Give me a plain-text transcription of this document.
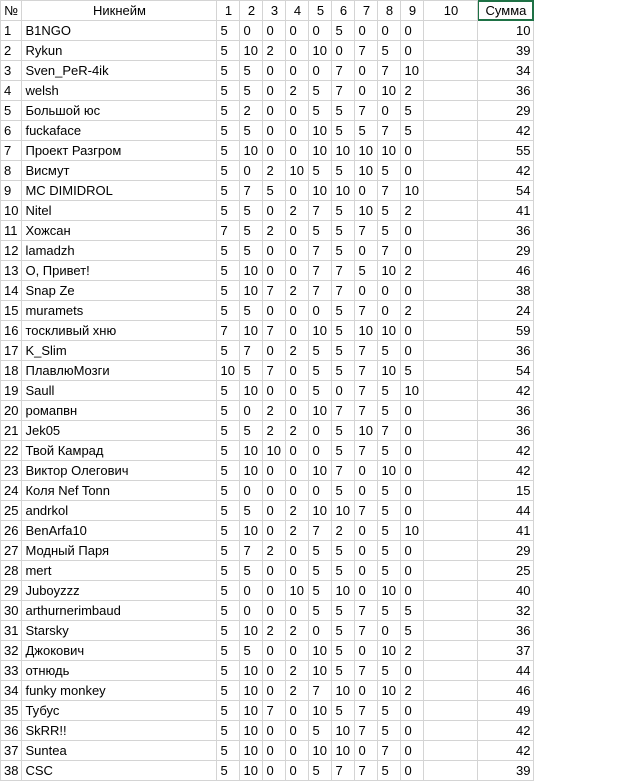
№	Никнейм	1	2	3	4	5	6	7	8	9	10	Сумма
1	B1NGO	5	0	0	0	0	5	0	0	0		10
2	Rykun	5	10	2	0	10	0	7	5	0		39
3	Sven_PeR-4ik	5	5	0	0	0	7	0	7	10		34
4	welsh	5	5	0	2	5	7	0	10	2		36
5	Большой юс	5	2	0	0	5	5	7	0	5		29
6	fuckaface	5	5	0	0	10	5	5	7	5		42
7	Проект Разгром	5	10	0	0	10	10	10	10	0		55
8	Висмут	5	0	2	10	5	5	10	5	0		42
9	MC DIMIDROL	5	7	5	0	10	10	0	7	10		54
10	Nitel	5	5	0	2	7	5	10	5	2		41
11	Хожсан	7	5	2	0	5	5	7	5	0		36
12	lamadzh	5	5	0	0	7	5	0	7	0		29
13	О, Привет!	5	10	0	0	7	7	5	10	2		46
14	Snap Ze	5	10	7	2	7	7	0	0	0		38
15	muramets	5	5	0	0	0	5	7	0	2		24
16	тоскливый хню	7	10	7	0	10	5	10	10	0		59
17	K_Slim	5	7	0	2	5	5	7	5	0		36
18	ПлавлюМозги	10	5	7	0	5	5	7	10	5		54
19	Saull	5	10	0	0	5	0	7	5	10		42
20	ромапвн	5	0	2	0	10	7	7	5	0		36
21	Jek05	5	5	2	2	0	5	10	7	0		36
22	Твой Камрад	5	10	10	0	0	5	7	5	0		42
23	Виктор Олегович	5	10	0	0	10	7	0	10	0		42
24	Коля Nef Tonn	5	0	0	0	0	5	0	5	0		15
25	andrkol	5	5	0	2	10	10	7	5	0		44
26	BenArfa10	5	10	0	2	7	2	0	5	10		41
27	Модный Паря	5	7	2	0	5	5	0	5	0		29
28	mert	5	5	0	0	5	5	0	5	0		25
29	Juboyzzz	5	0	0	10	5	10	0	10	0		40
30	arthurnerimbaud	5	0	0	0	5	5	7	5	5		32
31	Starsky	5	10	2	2	0	5	7	0	5		36
32	Джокович	5	5	0	0	10	5	0	10	2		37
33	отнюдь	5	10	0	2	10	5	7	5	0		44
34	funky monkey	5	10	0	2	7	10	0	10	2		46
35	Тубус	5	10	7	0	10	5	7	5	0		49
36	SkRR!!	5	10	0	0	5	10	7	5	0		42
37	Suntea	5	10	0	0	10	10	0	7	0		42
38	CSC	5	10	0	0	5	7	7	5	0		39
